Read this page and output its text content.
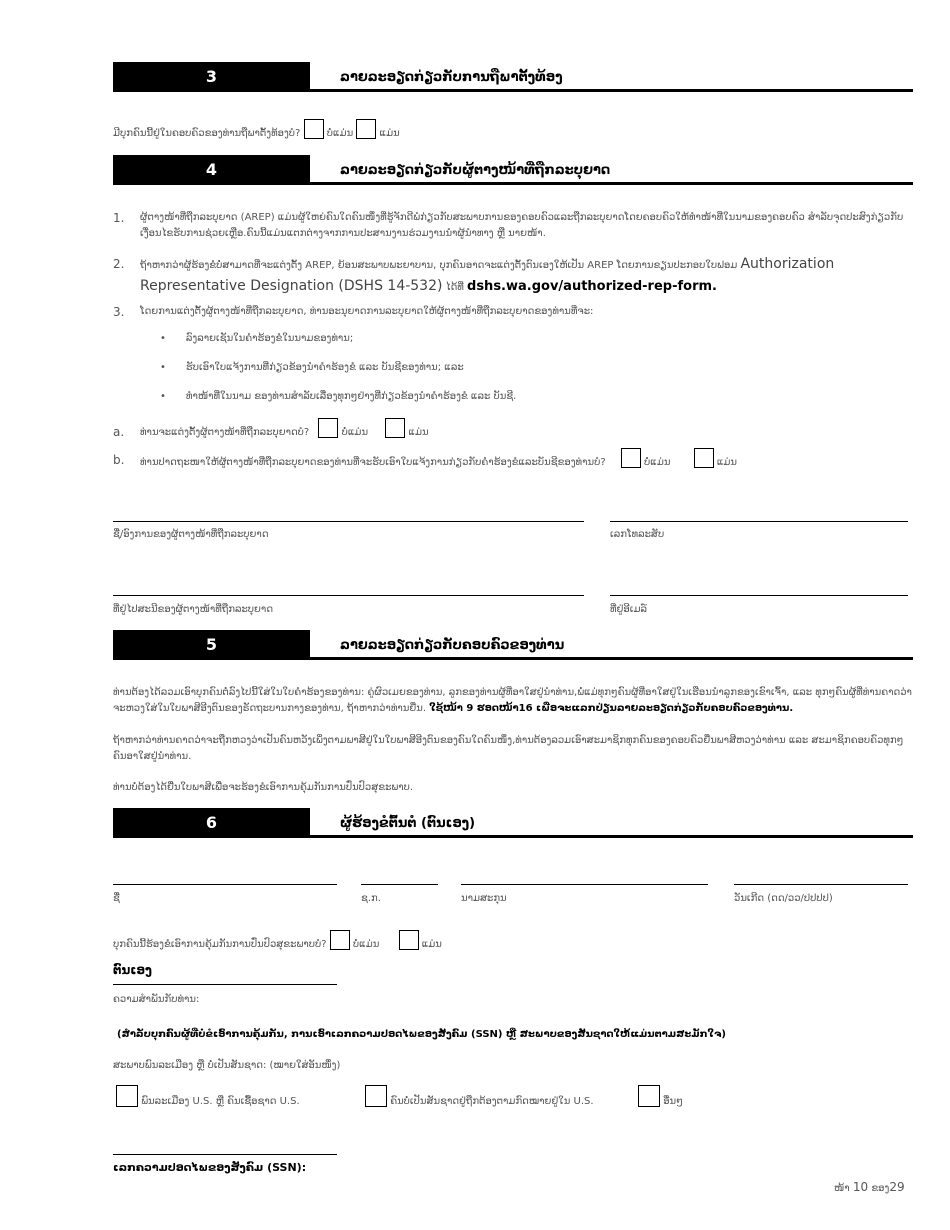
3	ລາຍລະອຽດກ່ຽວກັບການຖືພາຕັ້ງທ້ອງ
ມີບຸກຄົນນີ້ຢູ່ໃນຄອບຄົວຂອງທ່ານຖືພາຕັ້ງທ້ອງບໍ?	ບໍ່ແມ່ນ	ແມ່ນ
4	ລາຍລະອຽດກ່ຽວກັບຜູ້ຕາງໜ້າທີ່ຖືກລະບຸຍາດ
1. ຜູ້ຕາງໜ້າທີ່ຖືກລະບຸຍາດ (AREP) ແມ່ນຜູ້ໃຫຍ່ຄົນໃດຄົນໜຶ່ງທີ່ຮູ້ຈັກດີພໍກ່ຽວກັບສະພາບການຂອງຄອບຄົວແລະຖືກລະບຸຍາດໂດຍຄອບຄົວໃຫ້ທຳໜ້າທີ່ໃນນາມຂອງຄອບຄົວ ສຳລັບຈຸດປະສົງກ່ຽວກັບເງື່ອນໄຂຮັບການຊ່ວຍເຫຼືອ.ຄົນນີ້ແມ່ນແຕກຕ່າງຈາກການປະສານງານຮ່ວມງານນຳຜູ້ນຳທາງ ຫຼື ນາຍໜ້າ.
2. ຖ້າຫາກວ່າຜູ້ຮ້ອງຂໍບໍ່ສາມາດທີ່ຈະແຕ່ງຕັ້ງ AREP, ຍ້ອນສະພາບພະຍາບານ, ບຸກຄົນອາດຈະແຕ່ງຕັ້ງຕົນເອງໃຫ້ເປັນ AREP ໂດຍການຂຽນປະກອບໃບຟອມ Authorization Representative Designation (DSHS 14-532) ໄດ້ທີ່ dshs.wa.gov/authorized-rep-form.
3. ໂດຍການແຕ່ງຕັ້ງຜູ້ຕາງໜ້າທີ່ຖືກລະບຸຍາດ, ທ່ານອະນຸຍາດການລະບຸຍາດໃຫ້ຜູ້ຕາງໜ້າທີ່ຖືກລະບຸຍາດຂອງທ່ານທີ່ຈະ:
• ລົງລາຍເຊັນໃນຄໍາຮ້ອງຂໍໃນນາມຂອງທ່ານ;
• ຮັບເອົາໃບແຈ້ງການທີ່ກ່ຽວຂ້ອງນຳຄໍາຮ້ອງຂໍ ແລະ ບັນຊີຂອງທ່ານ; ແລະ
• ທຳໜ້າທີ່ໃນນາມ ຂອງທ່ານສໍາລັບເລື່ອງທຸກໆຢ່າງທີ່ກ່ຽວຂ້ອງນໍາຄໍາຮ້ອງຂໍ ແລະ ບັນຊີ.
a. ທ່ານຈະແຕ່ງຕັ້ງຜູ້ຕາງໜ້າທີ່ຖືກລະບຸຍາດບໍ?	ບໍ່ແມ່ນ	ແມ່ນ
b. ທ່ານປາດຖະໜາໃຫ້ຜູ້ຕາງໜ້າທີ່ຖືກລະບຸຍາດຂອງທ່ານທີ່ຈະຮັບເອົາໃບແຈ້ງການກ່ຽວກັບຄໍາຮ້ອງຂໍແລະບັນຊີຂອງທ່ານບໍ?	ບໍ່ແມ່ນ	ແມ່ນ
ຊື່/ອົງການຂອງຜູ້ຕາງໜ້າທີ່ຖືກລະບຸຍາດ	ເລກໂທລະສັບ
ທີ່ຢູ່ໄປສະນີຂອງຜູ້ຕາງໜ້າທີ່ຖືກລະບຸຍາດ	ທີ່ຢູ່ອີເມລ໌
5	ລາຍລະອຽດກ່ຽວກັບຄອບຄົວຂອງທ່ານ
ທ່ານຕ້ອງໄດ້ລວມເອົາບຸກຄົນຕໍ່ລົງໄປນີ້ໃສ່ໃນໃບຄໍາຮ້ອງຂອງທ່ານ: ຄູ່ຜົວເມຍຂອງທ່ານ, ລູກຂອງທ່ານຜູ້ທີ່ອາໃສຢູ່ນໍາທ່ານ,ພໍ່ແມ່ທຸກໆຄົນຜູ້ທີ່ອາໃສຢູ່ໃນເຮືອນນໍາລູກຂອງເຂົາເຈົ້າ, ແລະ ທຸກໆຄົນຜູ້ທີ່ທ່ານຄາດວ່າຈະຫວງໃສ່ໃນໃບພາສີອີງຕົນຂອງຣັດຖະບານກາງຂອງທ່ານ, ຖ້າຫາກວ່າທ່ານຍື່ນ. ໃຊ້ໜ້າ 9 ຮອດໜ້າ16 ເພື່ອຈະແລກປ່ຽນລາຍລະອຽດກ່ຽວກັບຄອບຄົວຂອງທ່ານ.
ຖ້າຫາກວ່າທ່ານຄາດວ່າຈະຖືກຫວງວ່າເປັນຄົນຫວັງເພິ່ງຕາມພາສີຢູ່ໃນໃບພາສີອີງຕົນຂອງຄົນໃດຄົນໜຶ່ງ,ທ່ານຕ້ອງລວມເອົາສະມາຊິກທຸກຄົນຂອງຄອບຄົວຍື່ນພາສີຫວງວ່າທ່ານ ແລະ ສະມາຊິກຄອບຄົວທຸກໆຄົນອາໃສຢູ່ນໍາທ່ານ.
ທ່ານບໍ່ຕ້ອງໄດ້ຍື່ນໃບພາສີເພື່ອຈະຮ້ອງຂໍເອົາການຄຸ້ມກັນການປົ່ນປົວສຸຂະພາບ.
6	ຜູ້ຮ້ອງຂໍຕົ້ນຕໍ (ຕົນເອງ)
ຊື່	ຊ.ກ.	ນາມສະກຸນ	ວັນເກີດ (ດດ/ວວ/ປປປປ)
ບຸກຄົນນີ້ຮ້ອງຂໍເອົາການຄຸ້ມກັນການປົ່ນປົວສຸຂະພາບບໍ?	ບໍ່ແມ່ນ	ແມ່ນ
ຕົນເອງ
ຄວາມສໍາພັນກັບທ່ານ:
(ສໍາລັບບຸກຄົນຜູ້ທີ່ບໍ່ຂໍເອົາການຄຸ້ມກັນ, ການເອົາເລກຄວາມປອດໄພຂອງສັງຄົມ (SSN) ຫຼື ສະພາບຂອງສັນຊາດໃຫ້ແມ່ນຕາມສະມັກໃຈ)
ສະພາບພົນລະເມືອງ ຫຼື ບໍ່ເປັນສັນຊາດ: (ໝາຍໃສ່ອັນໜຶ່ງ)
ພົນລະເມືອງ U.S. ຫຼື ຄົນເຊື້ອຊາດ U.S.	ຄົນບໍ່ເປັນສັນຊາດຢູ່ຖືກຕ້ອງຕາມກົດໝາຍຢູ່ໃນ U.S.	ອື່ນໆ
ເລກຄວາມປອດໄພຂອງສັງຄົມ (SSN):
ໜ້າ 10 ຂອງ29
